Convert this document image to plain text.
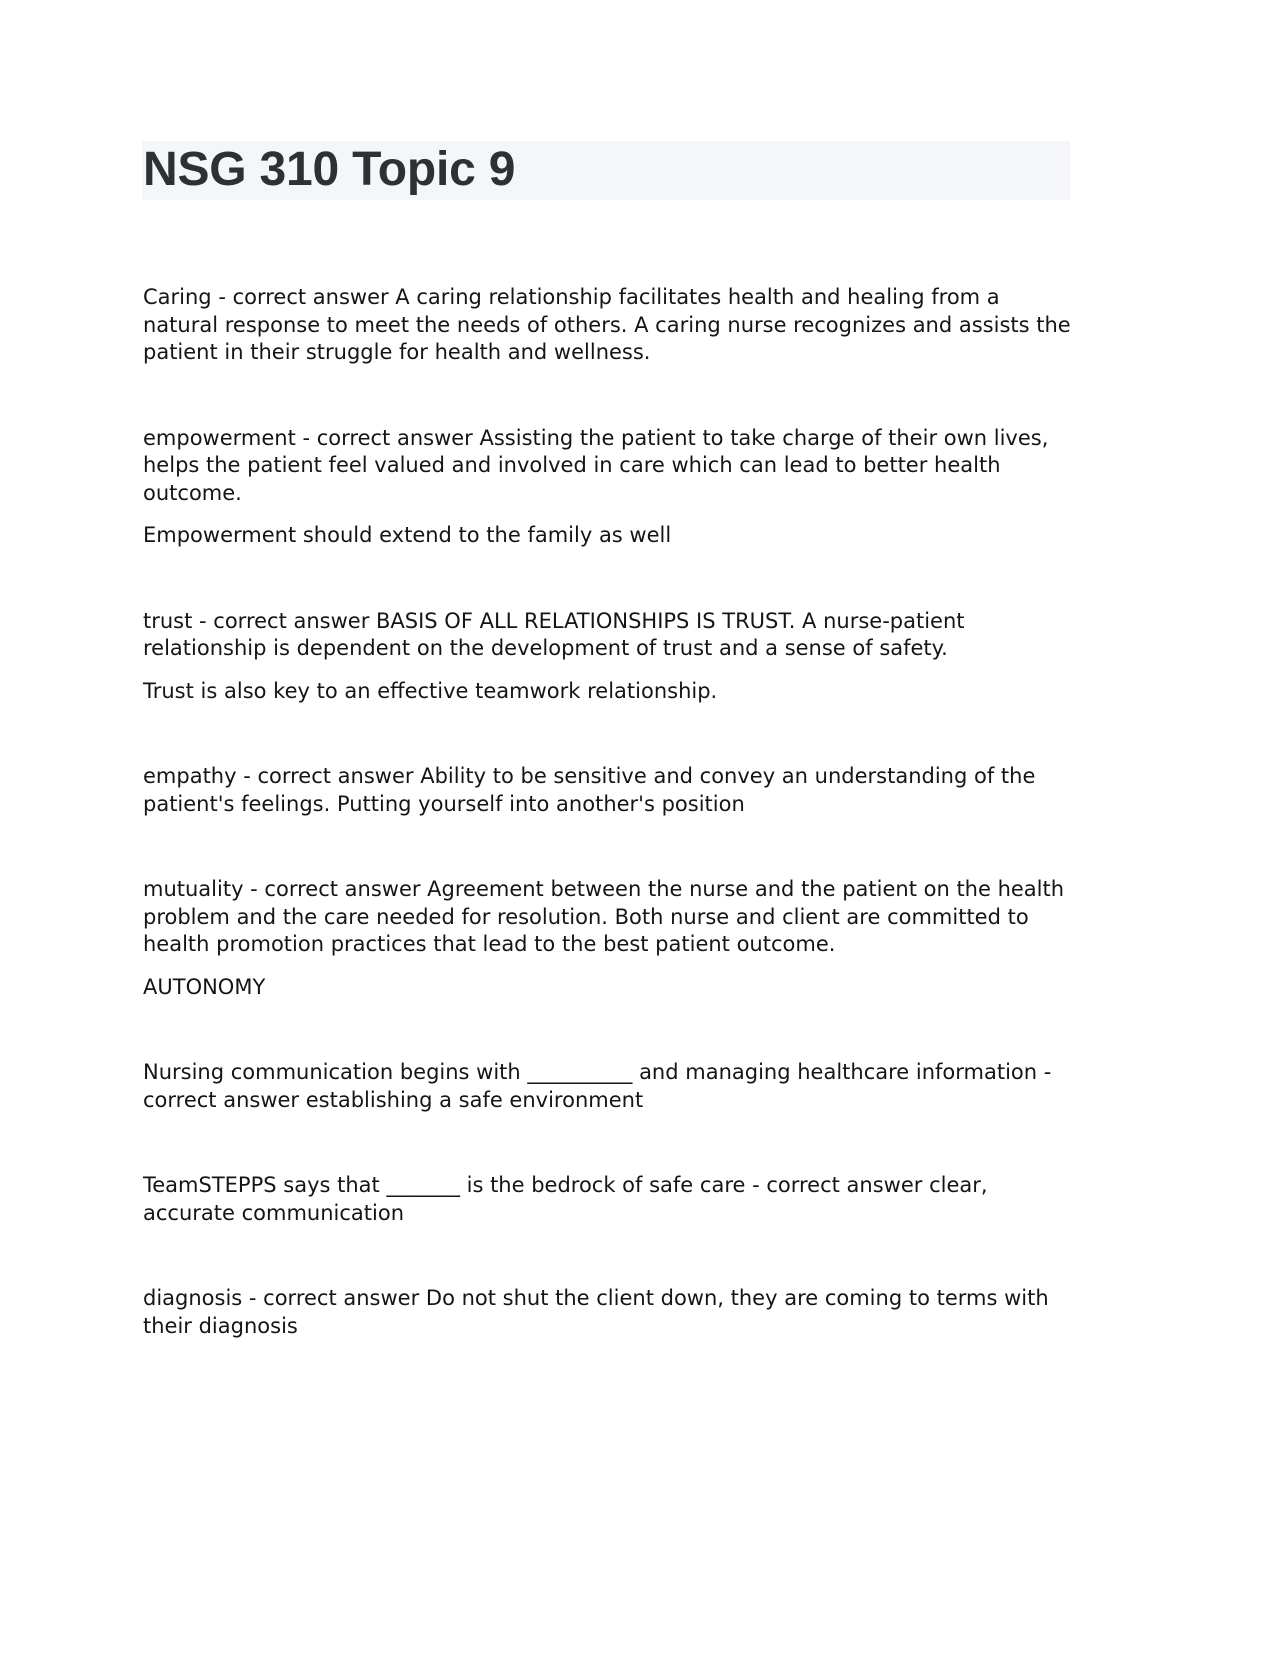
NSG 310 Topic 9

Caring - correct answer A caring relationship facilitates health and healing from a natural response to meet the needs of others. A caring nurse recognizes and assists the patient in their struggle for health and wellness.

empowerment - correct answer Assisting the patient to take charge of their own lives, helps the patient feel valued and involved in care which can lead to better health outcome.

Empowerment should extend to the family as well

trust - correct answer BASIS OF ALL RELATIONSHIPS IS TRUST. A nurse-patient relationship is dependent on the development of trust and a sense of safety.

Trust is also key to an effective teamwork relationship.

empathy - correct answer Ability to be sensitive and convey an understanding of the patient's feelings. Putting yourself into another's position

mutuality - correct answer Agreement between the nurse and the patient on the health problem and the care needed for resolution. Both nurse and client are committed to health promotion practices that lead to the best patient outcome.

AUTONOMY

Nursing communication begins with __________ and managing healthcare information - correct answer establishing a safe environment

TeamSTEPPS says that _______ is the bedrock of safe care - correct answer clear, accurate communication

diagnosis - correct answer Do not shut the client down, they are coming to terms with their diagnosis
